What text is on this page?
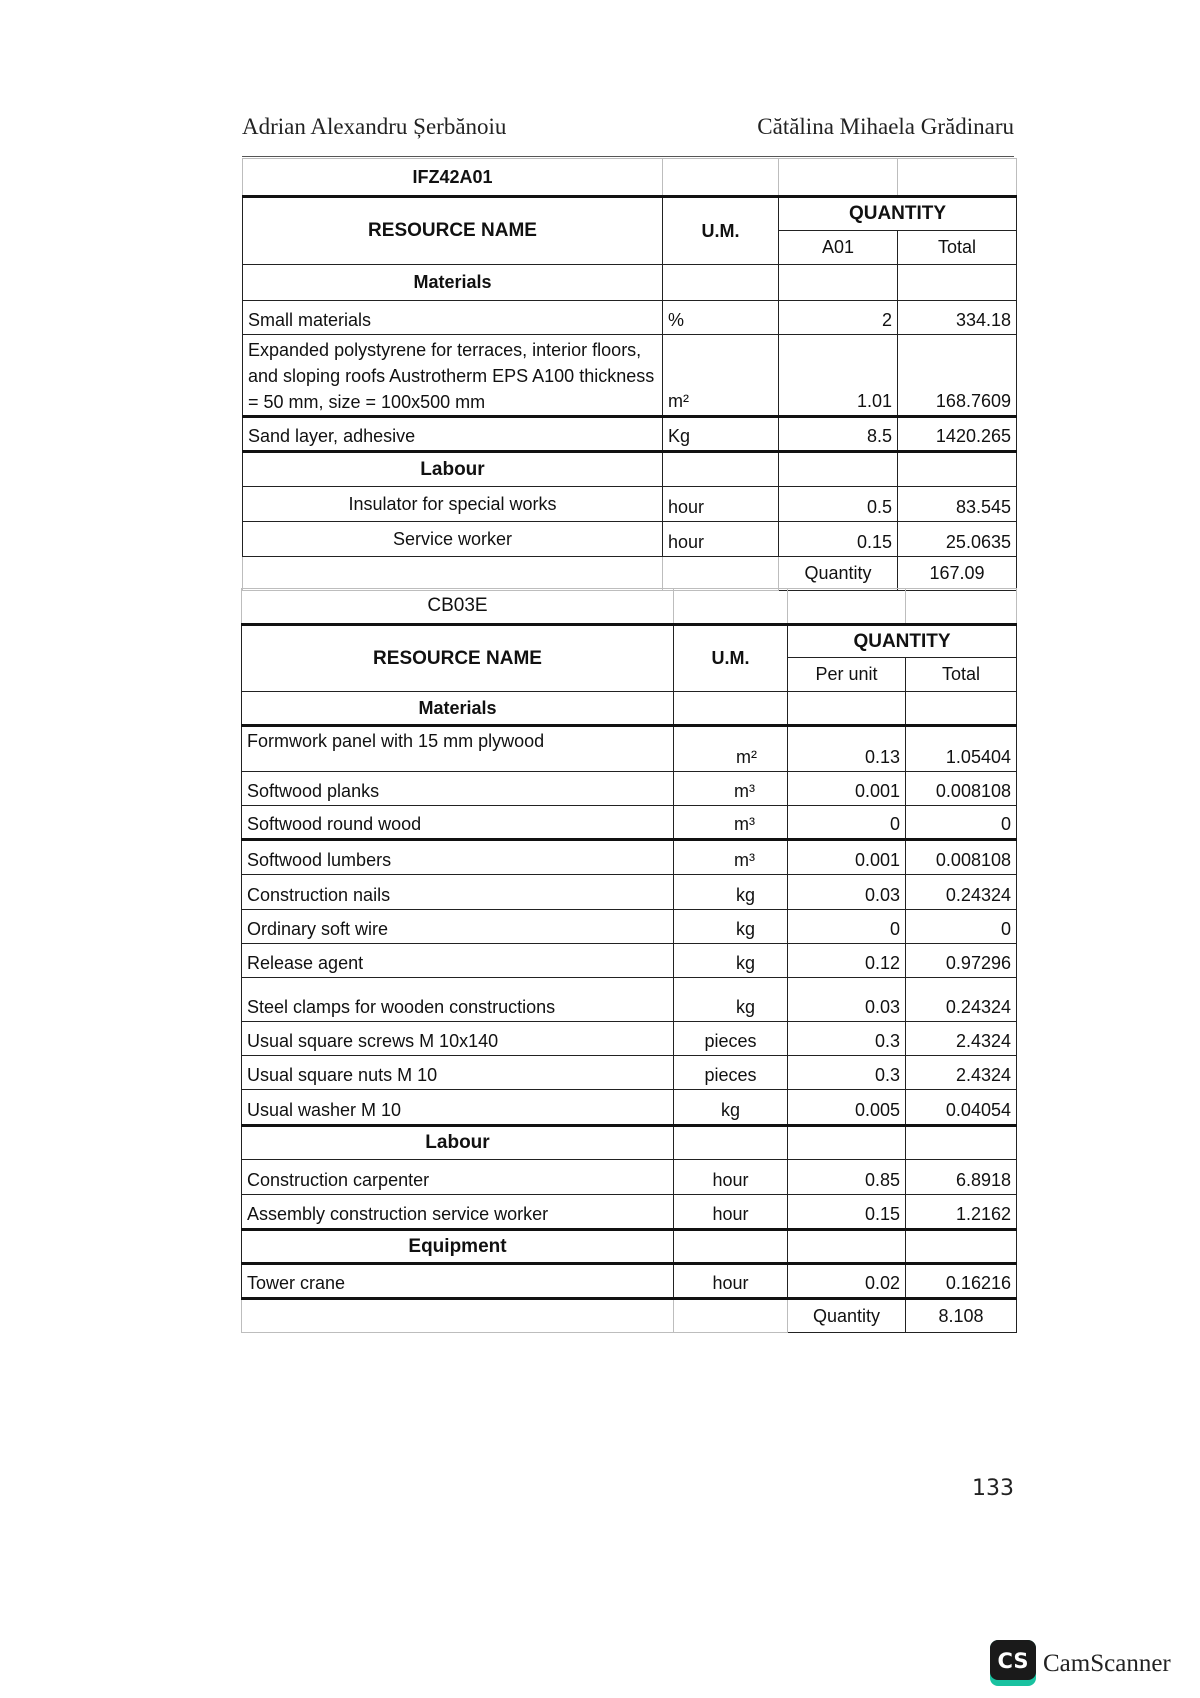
Adrian Alexandru Șerbănoiu	Cătălina Mihaela Grădinaru
IFZ42A01			
RESOURCE NAME	U.M.	QUANTITY	
		A01	Total
Materials			
Small materials	%	2	334.18
Expanded polystyrene for terraces, interior floors, and sloping roofs Austrotherm EPS A100 thickness = 50 mm, size = 100x500 mm	m²	1.01	168.7609
Sand layer, adhesive	Kg	8.5	1420.265
Labour			
Insulator for special works	hour	0.5	83.545
Service worker	hour	0.15	25.0635
		Quantity	167.09
CB03E			
RESOURCE NAME	U.M.	QUANTITY	
		Per unit	Total
Materials			
Formwork panel with 15 mm plywood	m²	0.13	1.05404
Softwood planks	m³	0.001	0.008108
Softwood round wood	m³	0	0
Softwood lumbers	m³	0.001	0.008108
Construction nails	kg	0.03	0.24324
Ordinary soft wire	kg	0	0
Release agent	kg	0.12	0.97296
Steel clamps for wooden constructions	kg	0.03	0.24324
Usual square screws M 10x140	pieces	0.3	2.4324
Usual square nuts M 10	pieces	0.3	2.4324
Usual washer M 10	kg	0.005	0.04054
Labour			
Construction carpenter	hour	0.85	6.8918
Assembly construction service worker	hour	0.15	1.2162
Equipment			
Tower crane	hour	0.02	0.16216
		Quantity	8.108
133
CS CamScanner
